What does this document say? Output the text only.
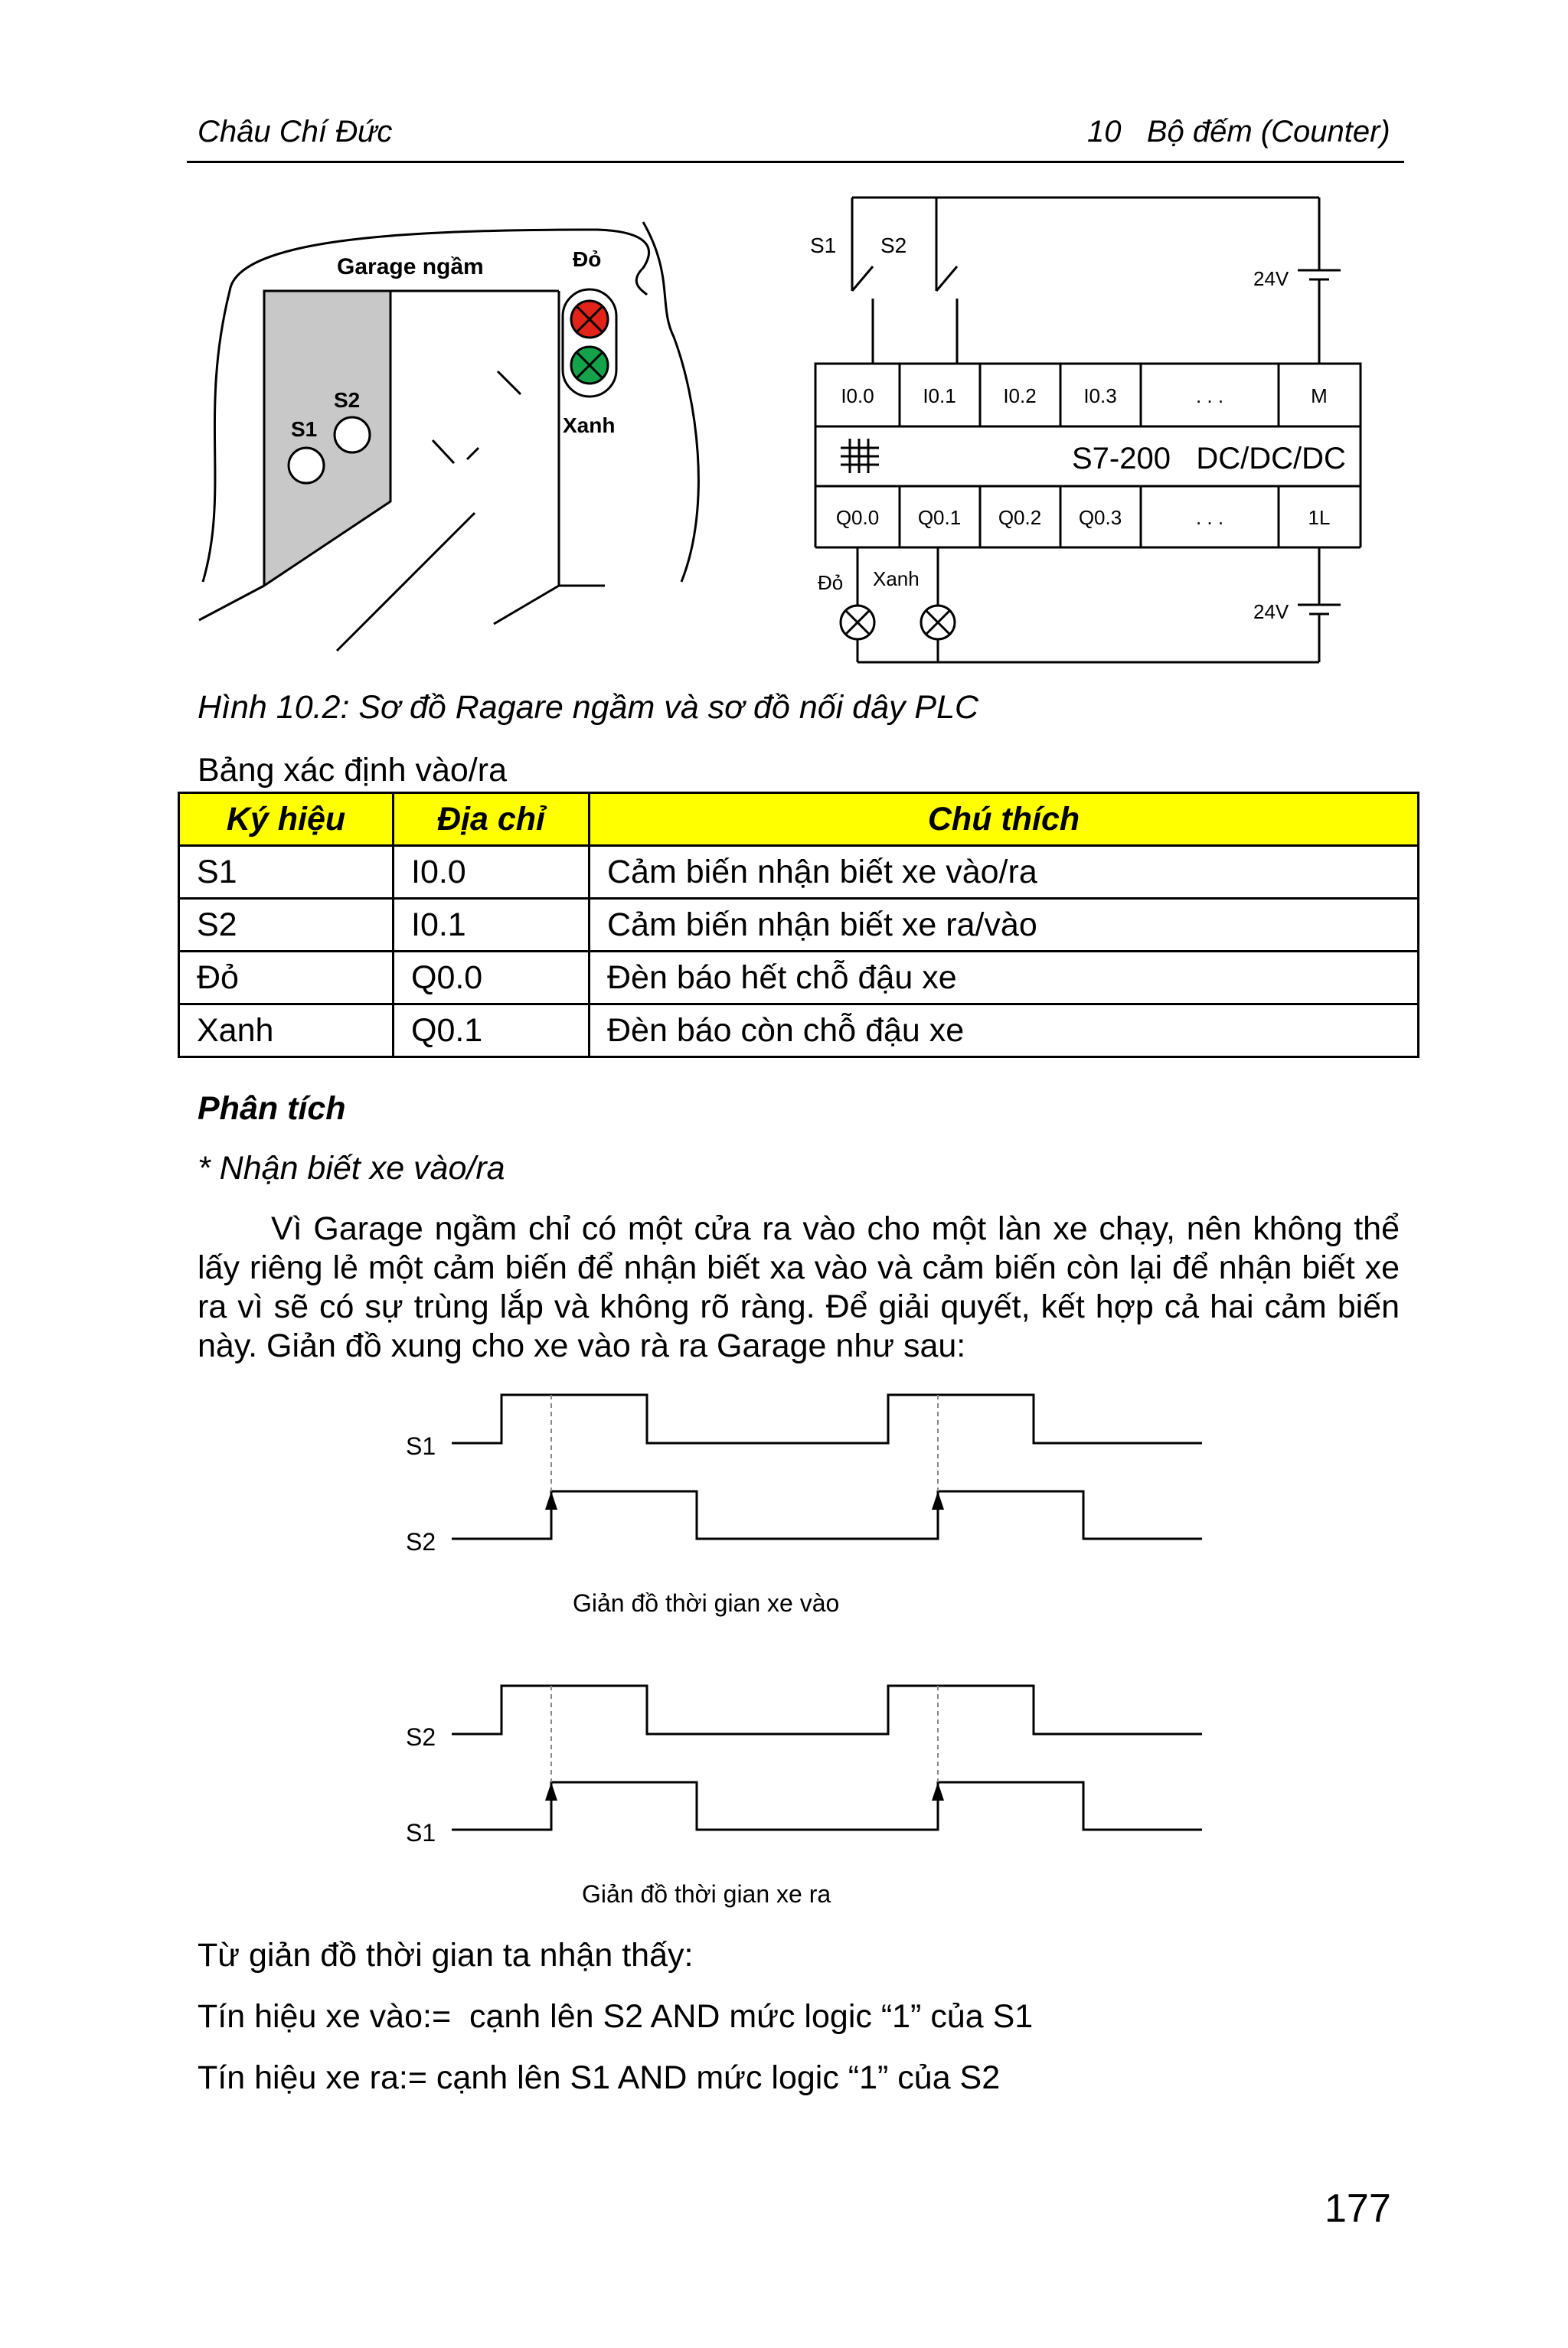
Châu Chí Đức	10   Bộ đếm (Counter)
S1
S2
Garage ngầm	Đỏ
Xanh
S1 S2
24V
24V
I0.0 I0.1 I0.2 I0.3	. . .	M
Q0.0 Q0.1 Q0.2 Q0.3	. . .	1L
S7-200   DC/DC/DC
Đỏ Xanh
Hình 10.2: Sơ đồ Ragare ngầm và sơ đồ nối dây PLC
Bảng xác định vào/ra
Ký hiệu	Địa chỉ	Chú thích
S1	I0.0	Cảm biến nhận biết xe vào/ra
S2	I0.1	Cảm biến nhận biết xe ra/vào
Đỏ	Q0.0	Đèn báo hết chỗ đậu xe
Xanh	Q0.1	Đèn báo còn chỗ đậu xe
Phân tích
* Nhận biết xe vào/ra

Vì Garage ngầm chỉ có một cửa ra vào cho một làn xe chạy, nên không thể lấy riêng lẻ một cảm biến để nhận biết xa vào và cảm biến còn lại để nhận biết xe ra vì sẽ có sự trùng lắp và không rõ ràng. Để giải quyết, kết hợp cả hai cảm biến này. Giản đồ xung cho xe vào rà ra Garage như sau:

S1
S2
Giản đồ thời gian xe vào
S2
S1
Giản đồ thời gian xe ra
Từ giản đồ thời gian ta nhận thấy:
Tín hiệu xe vào:=  cạnh lên S2 AND mức logic “1” của S1
Tín hiệu xe ra:= cạnh lên S1 AND mức logic “1” của S2
177
